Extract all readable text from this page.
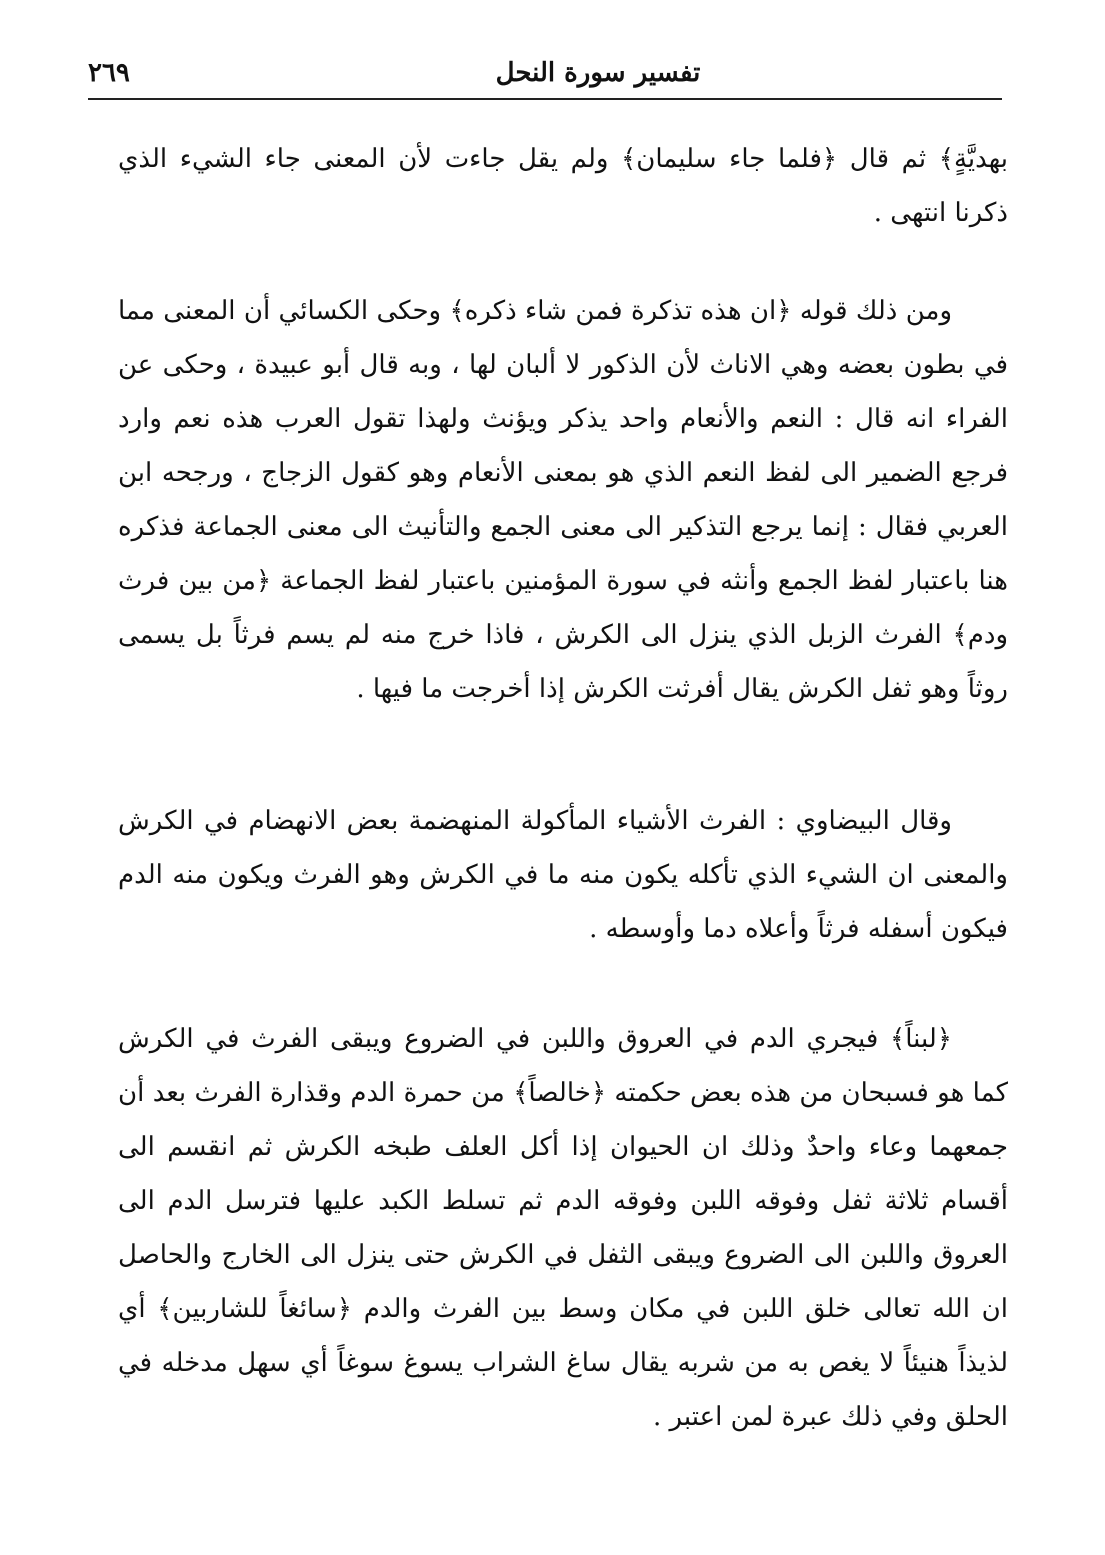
٢٦٩	تفسير سورة النحل

بهديَّةٍ﴾ ثم قال ﴿فلما جاء سليمان﴾ ولم يقل جاءت لأن المعنى جاء الشيء الذي ذكرنا انتهى .

ومن ذلك قوله ﴿ان هذه تذكرة فمن شاء ذكره﴾ وحكى الكسائي أن المعنى مما في بطون بعضه وهي الاناث لأن الذكور لا ألبان لها ، وبه قال أبو عبيدة ، وحكى عن الفراء انه قال : النعم والأنعام واحد يذكر ويؤنث ولهذا تقول العرب هذه نعم وارد فرجع الضمير الى لفظ النعم الذي هو بمعنى الأنعام وهو كقول الزجاج ، ورجحه ابن العربي فقال : إنما يرجع التذكير الى معنى الجمع والتأنيث الى معنى الجماعة فذكره هنا باعتبار لفظ الجمع وأنثه في سورة المؤمنين باعتبار لفظ الجماعة ﴿من بين فرث ودم﴾ الفرث الزبل الذي ينزل الى الكرش ، فاذا خرج منه لم يسم فرثاً بل يسمى روثاً وهو ثفل الكرش يقال أفرثت الكرش إذا أخرجت ما فيها .

وقال البيضاوي : الفرث الأشياء المأكولة المنهضمة بعض الانهضام في الكرش والمعنى ان الشيء الذي تأكله يكون منه ما في الكرش وهو الفرث ويكون منه الدم فيكون أسفله فرثاً وأعلاه دما وأوسطه .

﴿لبناً﴾ فيجري الدم في العروق واللبن في الضروع ويبقى الفرث في الكرش كما هو فسبحان من هذه بعض حكمته ﴿خالصاً﴾ من حمرة الدم وقذارة الفرث بعد أن جمعهما وعاء واحدٌ وذلك ان الحيوان إذا أكل العلف طبخه الكرش ثم انقسم الى أقسام ثلاثة ثفل وفوقه اللبن وفوقه الدم ثم تسلط الكبد عليها فترسل الدم الى العروق واللبن الى الضروع ويبقى الثفل في الكرش حتى ينزل الى الخارج والحاصل ان الله تعالى خلق اللبن في مكان وسط بين الفرث والدم ﴿سائغاً للشاربين﴾ أي لذيذاً هنيئاً لا يغص به من شربه يقال ساغ الشراب يسوغ سوغاً أي سهل مدخله في الحلق وفي ذلك عبرة لمن اعتبر .
